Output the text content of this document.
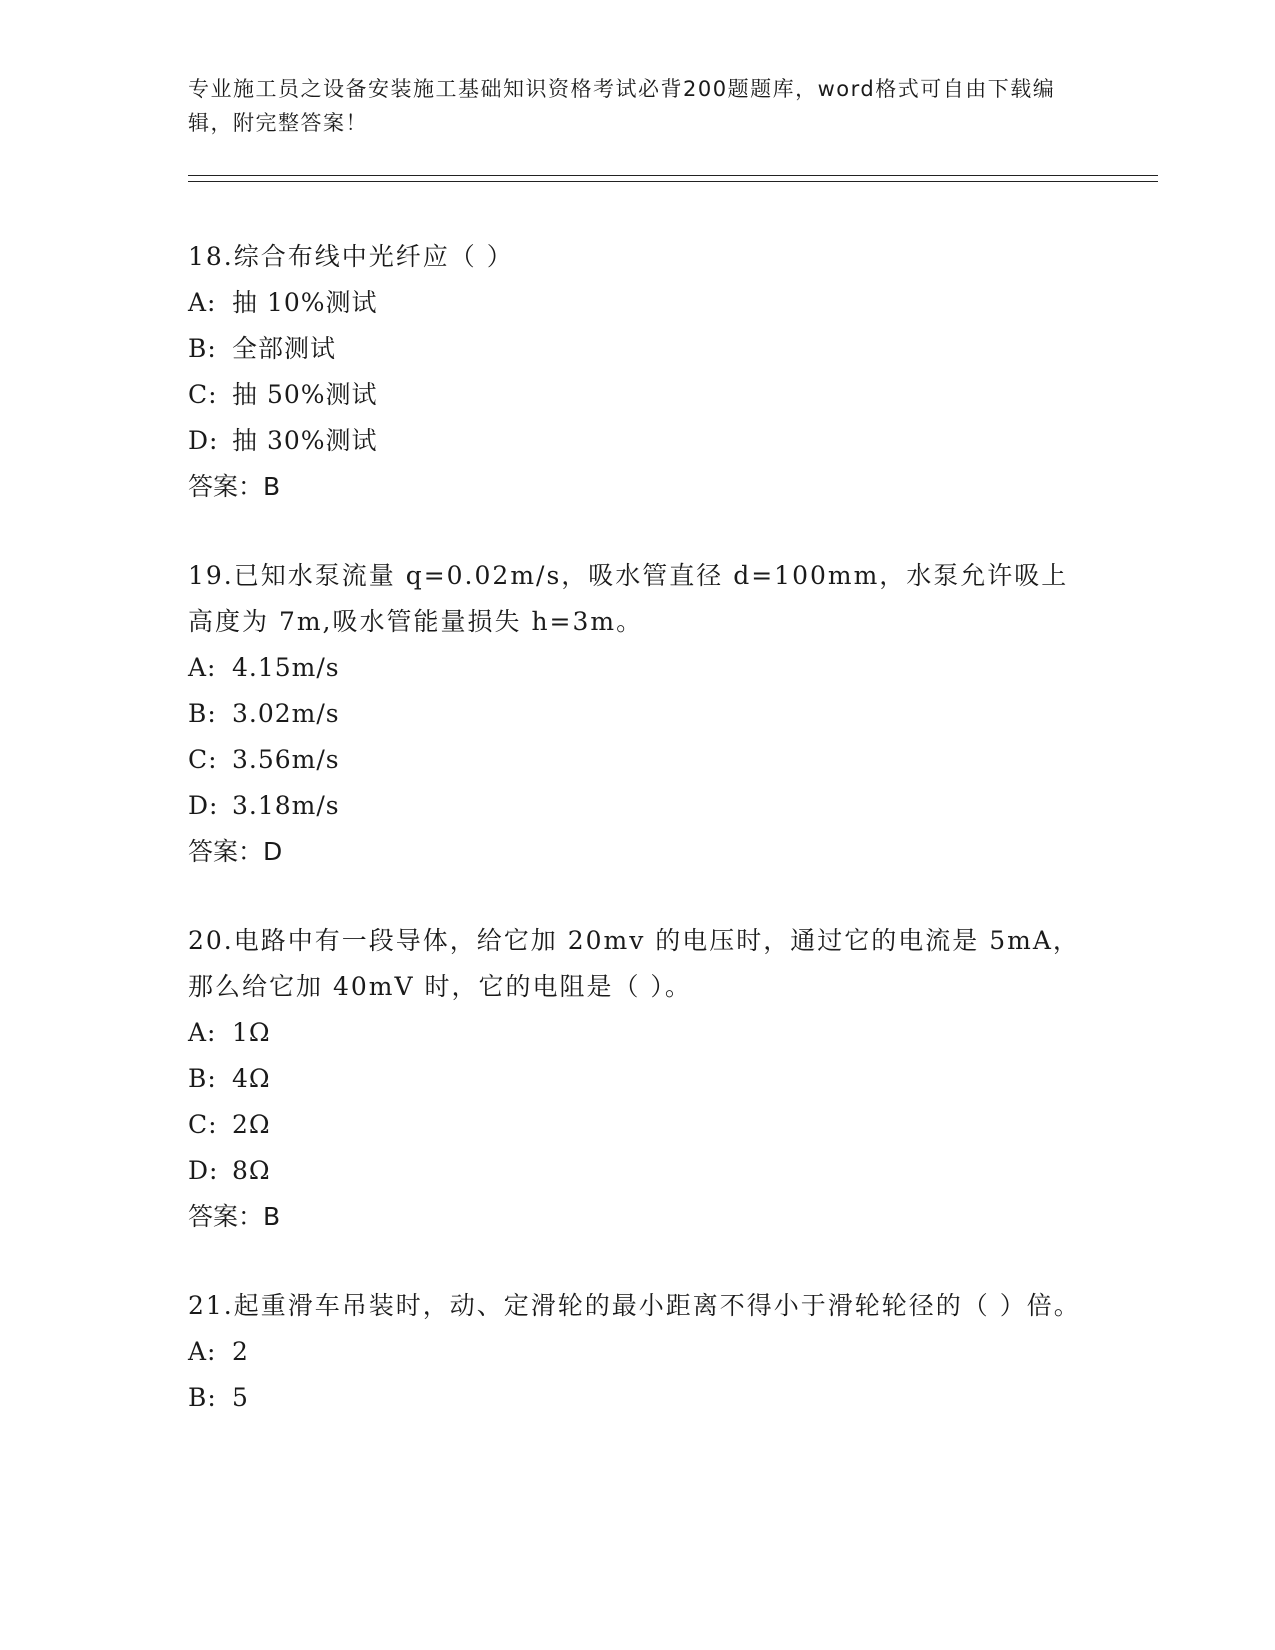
专业施工员之设备安装施工基础知识资格考试必背200题题库，word格式可自由下载编辑，附完整答案！

18.综合布线中光纤应（ ）

A: 抽 10%测试

B: 全部测试

C: 抽 50%测试

D: 抽 30%测试

答案：B

19.已知水泵流量 q=0.02m/s，吸水管直径 d=100mm，水泵允许吸上高度为 7m,吸水管能量损失 h=3m。

A: 4.15m/s

B: 3.02m/s

C: 3.56m/s

D: 3.18m/s

答案：D

20.电路中有一段导体，给它加 20mv 的电压时，通过它的电流是 5mA，那么给它加 40mV 时，它的电阻是（ ）。

A: 1Ω

B: 4Ω

C: 2Ω

D: 8Ω

答案：B

21.起重滑车吊装时，动、定滑轮的最小距离不得小于滑轮轮径的（ ）倍。

A: 2

B: 5
